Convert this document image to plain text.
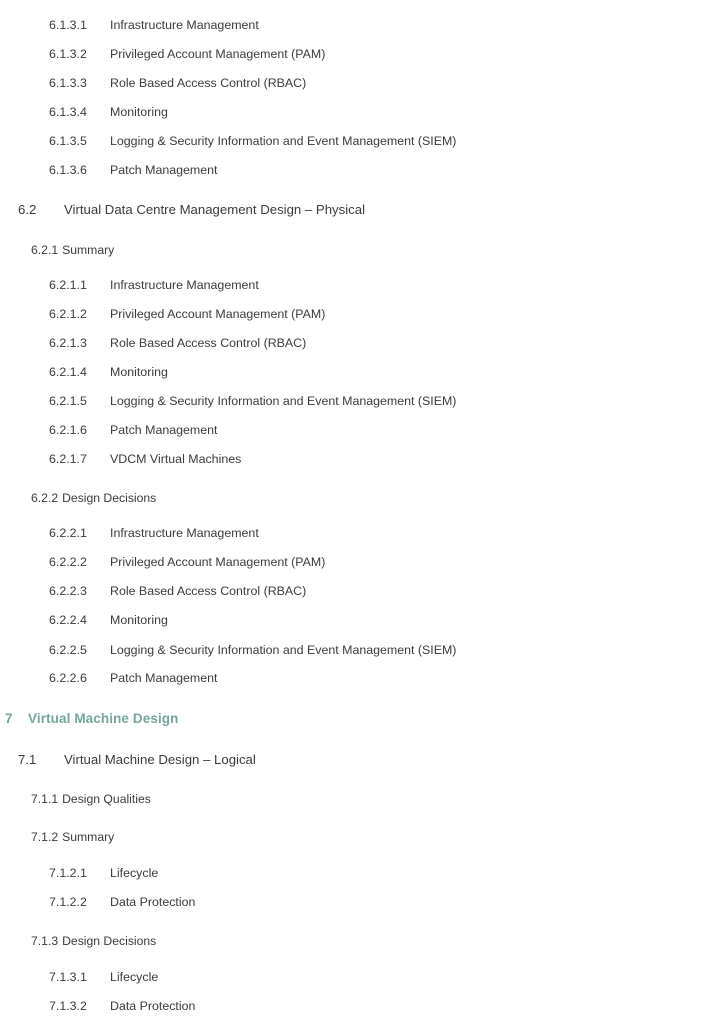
6.1.3.1 Infrastructure Management
6.1.3.2 Privileged Account Management (PAM)
6.1.3.3 Role Based Access Control (RBAC)
6.1.3.4 Monitoring
6.1.3.5 Logging & Security Information and Event Management (SIEM)
6.1.3.6 Patch Management
6.2 Virtual Data Centre Management Design – Physical
6.2.1 Summary
6.2.1.1 Infrastructure Management
6.2.1.2 Privileged Account Management (PAM)
6.2.1.3 Role Based Access Control (RBAC)
6.2.1.4 Monitoring
6.2.1.5 Logging & Security Information and Event Management (SIEM)
6.2.1.6 Patch Management
6.2.1.7 VDCM Virtual Machines
6.2.2 Design Decisions
6.2.2.1 Infrastructure Management
6.2.2.2 Privileged Account Management (PAM)
6.2.2.3 Role Based Access Control (RBAC)
6.2.2.4 Monitoring
6.2.2.5 Logging & Security Information and Event Management (SIEM)
6.2.2.6 Patch Management
7 Virtual Machine Design
7.1 Virtual Machine Design – Logical
7.1.1 Design Qualities
7.1.2 Summary
7.1.2.1 Lifecycle
7.1.2.2 Data Protection
7.1.3 Design Decisions
7.1.3.1 Lifecycle
7.1.3.2 Data Protection
